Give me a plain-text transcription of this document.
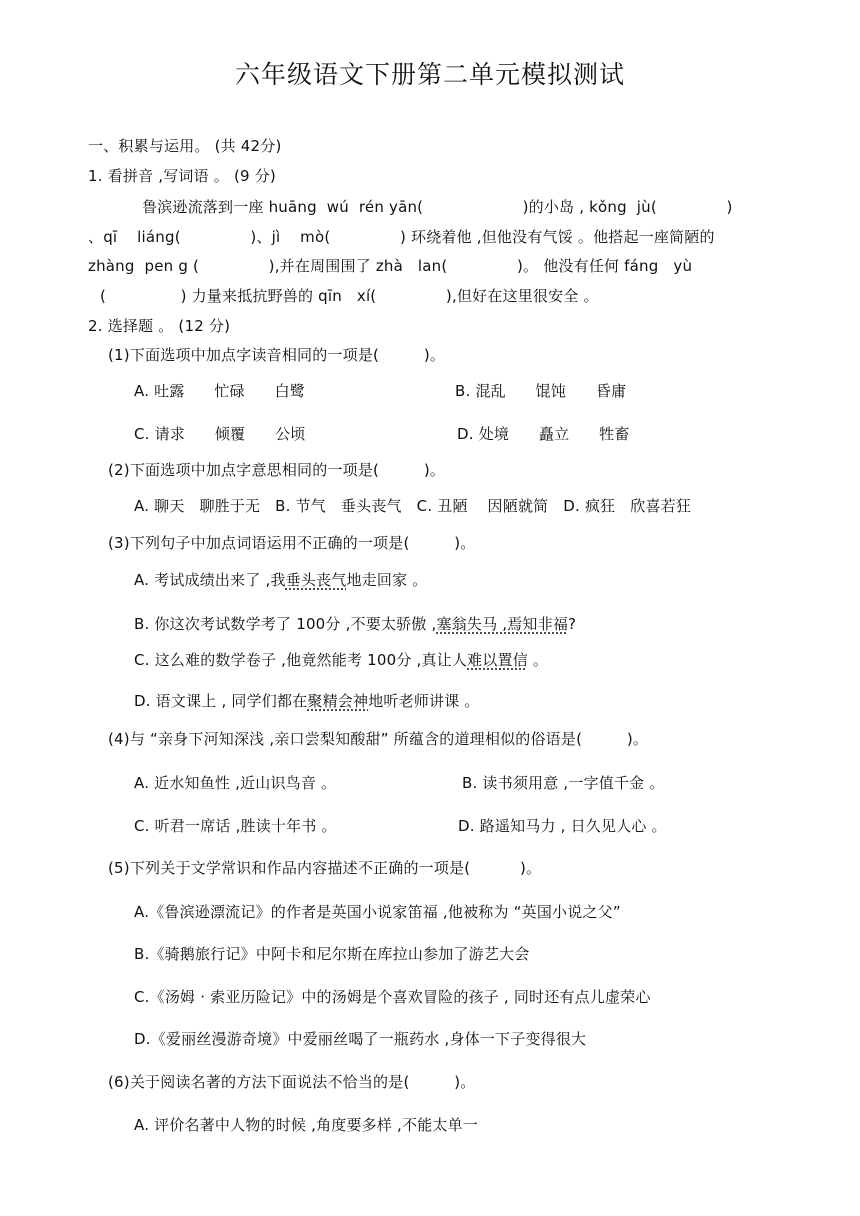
六年级语文下册第二单元模拟测试
一、积累与运用。 (共 42分)
1. 看拼音 ,写词语 。 (9 分)
鲁滨逊流落到一座 huāng  wú  rén yān(                    )的小岛 , kǒng  jù(              )
、qī    liáng(              )、jì    mò(              ) 环绕着他 ,但他没有气馁 。他搭起一座简陋的
zhàng  pen g (              ),并在周围围了 zhà   lan(              )。 他没有任何 fáng   yù
(               ) 力量来抵抗野兽的 qīn   xí(              ),但好在这里很安全 。
2. 选择题 。 (12 分)
(1)下面选项中加点字读音相同的一项是(         )。
A. 吐露 忙碌 白鹭	B. 混乱 馄饨 昏庸
C. 请求 倾覆 公顷	D. 处境 矗立 牲畜
(2)下面选项中加点字意思相同的一项是(         )。
A. 聊天 聊胜于无 B. 节气 垂头丧气 C. 丑陋 因陋就简 D. 疯狂 欣喜若狂
(3)下列句子中加点词语运用不正确的一项是(         )。
A. 考试成绩出来了 ,我垂头丧气地走回家 。
B. 你这次考试数学考了 100分 ,不要太骄傲 ,塞翁失马 ,焉知非福?
C. 这么难的数学卷子 ,他竟然能考 100分 ,真让人难以置信 。
D. 语文课上 , 同学们都在聚精会神地听老师讲课 。
(4)与 “亲身下河知深浅 ,亲口尝梨知酸甜” 所蕴含的道理相似的俗语是(         )。
A. 近水知鱼性 ,近山识鸟音 。	B. 读书须用意 ,一字值千金 。
C. 听君一席话 ,胜读十年书 。	D. 路遥知马力 , 日久见人心 。
(5)下列关于文学常识和作品内容描述不正确的一项是(          )。
A.《鲁滨逊漂流记》的作者是英国小说家笛福 ,他被称为 “英国小说之父”
B.《骑鹅旅行记》中阿卡和尼尔斯在库拉山参加了游艺大会
C.《汤姆 · 索亚历险记》中的汤姆是个喜欢冒险的孩子 , 同时还有点儿虚荣心
D.《爱丽丝漫游奇境》中爱丽丝喝了一瓶药水 ,身体一下子变得很大
(6)关于阅读名著的方法下面说法不恰当的是(         )。
A. 评价名著中人物的时候 ,角度要多样 ,不能太单一
